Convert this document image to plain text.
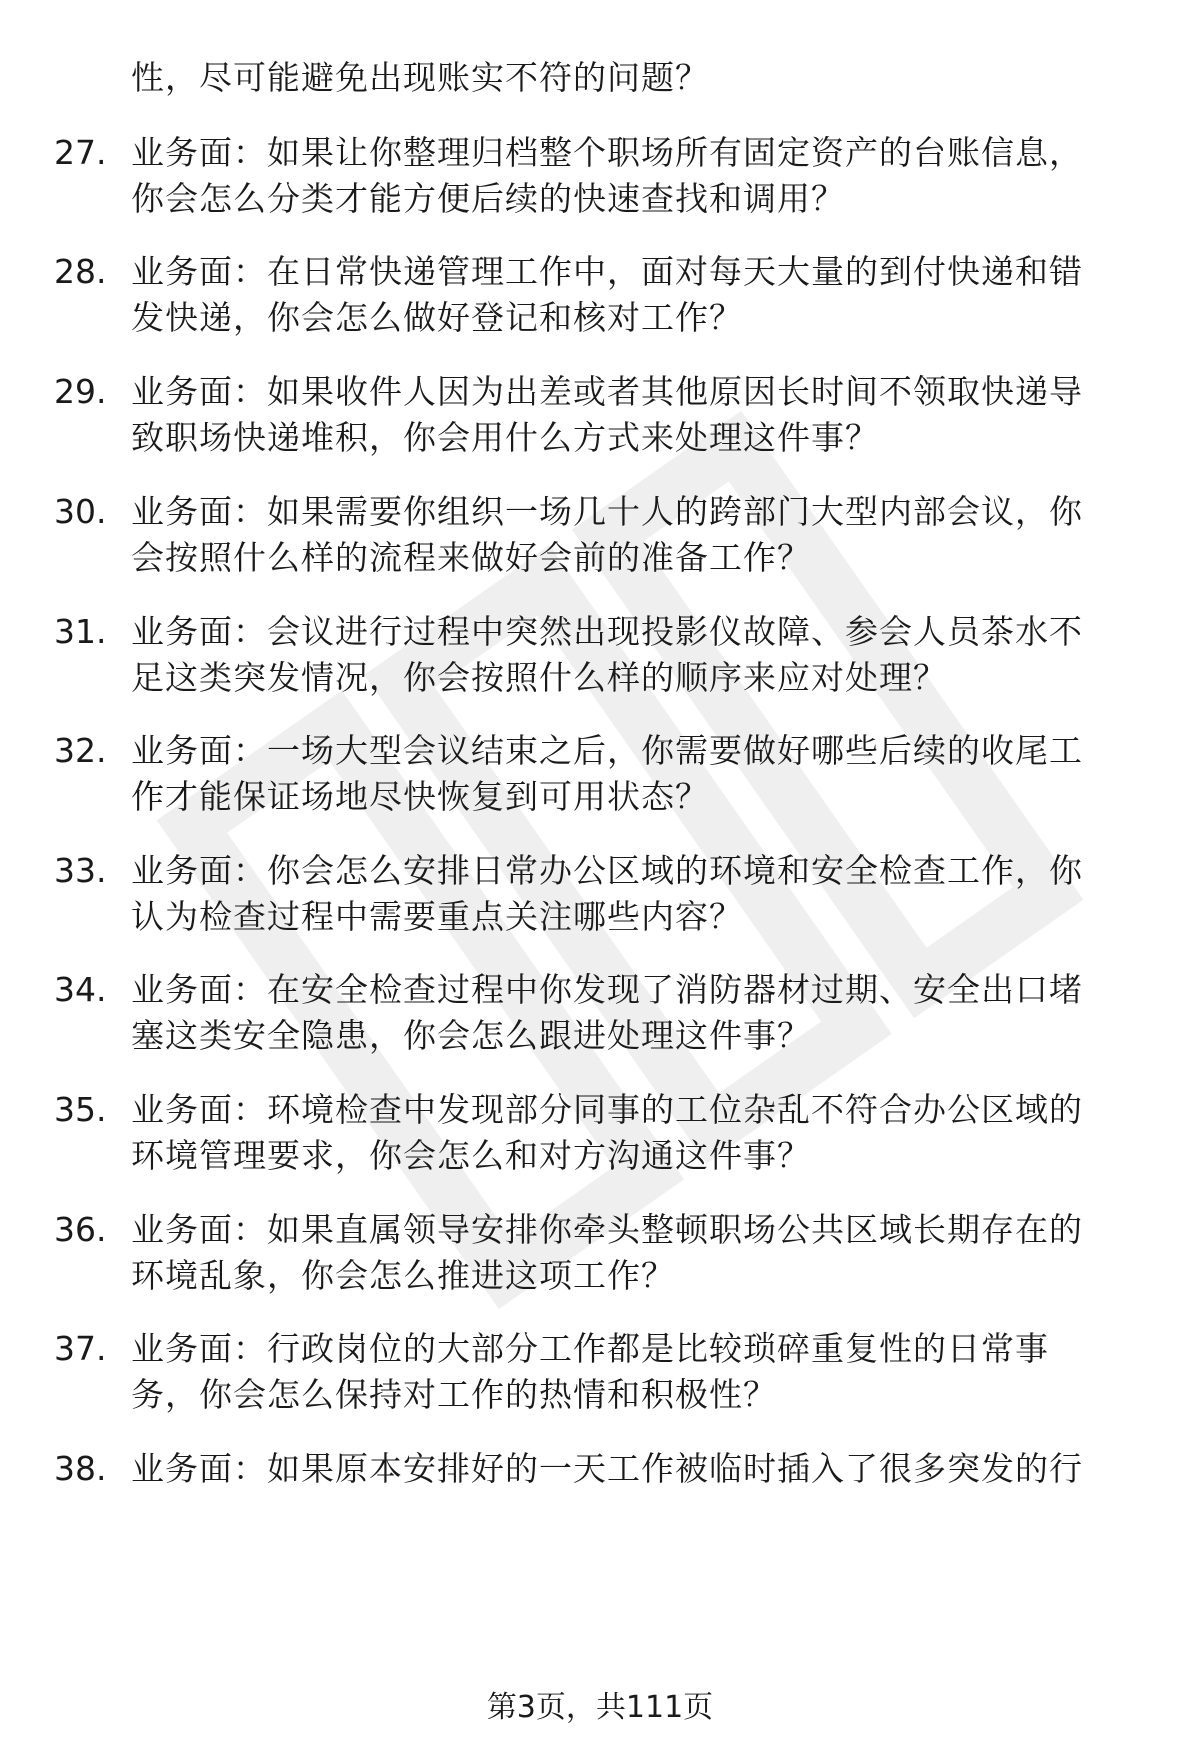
性，尽可能避免出现账实不符的问题？
27. 业务面：如果让你整理归档整个职场所有固定资产的台账信息，
你会怎么分类才能方便后续的快速查找和调用？
28. 业务面：在日常快递管理工作中，面对每天大量的到付快递和错
发快递，你会怎么做好登记和核对工作？
29. 业务面：如果收件人因为出差或者其他原因长时间不领取快递导
致职场快递堆积，你会用什么方式来处理这件事？
30. 业务面：如果需要你组织一场几十人的跨部门大型内部会议，你
会按照什么样的流程来做好会前的准备工作？
31. 业务面：会议进行过程中突然出现投影仪故障、参会人员茶水不
足这类突发情况，你会按照什么样的顺序来应对处理？
32. 业务面：一场大型会议结束之后，你需要做好哪些后续的收尾工
作才能保证场地尽快恢复到可用状态？
33. 业务面：你会怎么安排日常办公区域的环境和安全检查工作，你
认为检查过程中需要重点关注哪些内容？
34. 业务面：在安全检查过程中你发现了消防器材过期、安全出口堵
塞这类安全隐患，你会怎么跟进处理这件事？
35. 业务面：环境检查中发现部分同事的工位杂乱不符合办公区域的
环境管理要求，你会怎么和对方沟通这件事？
36. 业务面：如果直属领导安排你牵头整顿职场公共区域长期存在的
环境乱象，你会怎么推进这项工作？
37. 业务面：行政岗位的大部分工作都是比较琐碎重复性的日常事
务，你会怎么保持对工作的热情和积极性？
38. 业务面：如果原本安排好的一天工作被临时插入了很多突发的行
第3页，共111页
